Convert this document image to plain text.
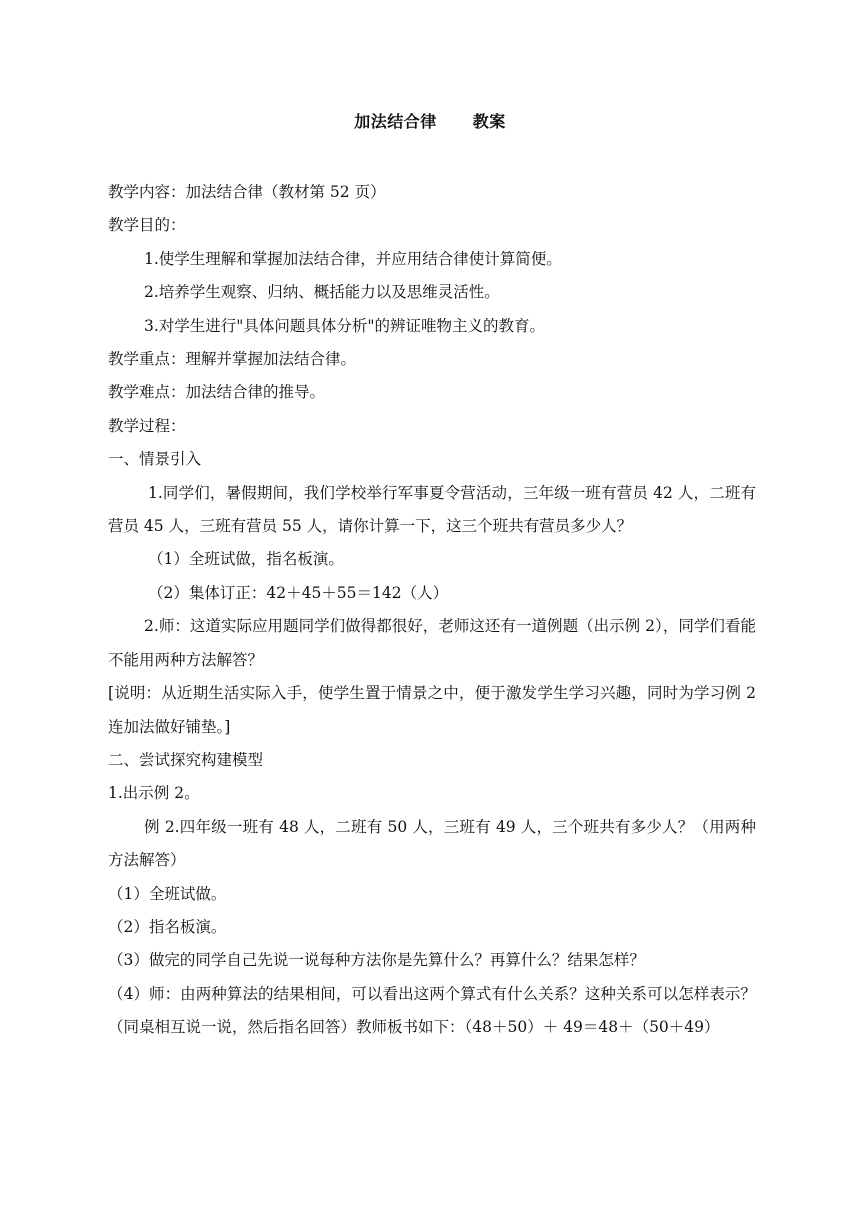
加法结合律 教案

教学内容：加法结合律（教材第 52 页）

教学目的：

1.使学生理解和掌握加法结合律，并应用结合律使计算简便。

2.培养学生观察、归纳、概括能力以及思维灵活性。

3.对学生进行"具体问题具体分析"的辨证唯物主义的教育。

教学重点：理解并掌握加法结合律。

教学难点：加法结合律的推导。

教学过程：

一、情景引入

1.同学们，暑假期间，我们学校举行军事夏令营活动，三年级一班有营员 42 人，二班有营员 45 人，三班有营员 55 人，请你计算一下，这三个班共有营员多少人？

（1）全班试做，指名板演。

（2）集体订正：42＋45＋55＝142（人）

2.师：这道实际应用题同学们做得都很好，老师这还有一道例题（出示例 2），同学们看能不能用两种方法解答？

[说明：从近期生活实际入手，使学生置于情景之中，便于激发学生学习兴趣，同时为学习例 2 连加法做好铺垫。]

二、尝试探究构建模型

1.出示例 2。

例 2.四年级一班有 48 人，二班有 50 人，三班有 49 人，三个班共有多少人？（用两种方法解答）

（1）全班试做。

（2）指名板演。

（3）做完的同学自己先说一说每种方法你是先算什么？再算什么？结果怎样？

（4）师：由两种算法的结果相间，可以看出这两个算式有什么关系？这种关系可以怎样表示？（同桌相互说一说，然后指名回答）教师板书如下：（48＋50）＋ 49＝48＋（50＋49）
